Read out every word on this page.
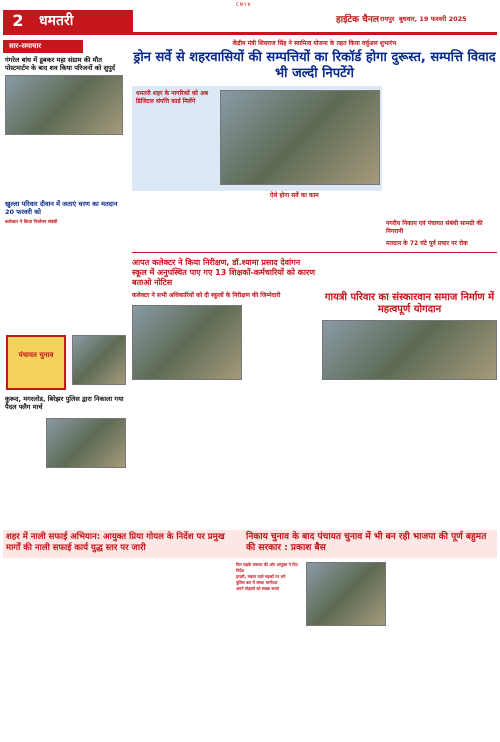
CMYK
2	धमतरी	हाईटेक चैनल रायपुर बुधवार, 19 फरवरी 2025
सार-समाचार
गंगरेल बांध में डूबकर महा संग्राम की मौत पोस्टमार्टम के बाद शव किया परिजनों को सुपुर्द
खुल्ला परिवार दीवान में जताएं चरण का मतदान 20 फरवरी को
कलेक्टर ने किया निर्वाचन संबंधी
पंचायत चुनाव
कुरूद, मगरलोड, बिरेझर पुलिस द्वारा निकाला गया पैदल फ्लैग मार्च
केंद्रीय मंत्री शिवराज सिंह ने स्वामित्व योजना के तहत किया वर्चुअल शुभारंभ
ड्रोन सर्वे से शहरवासियों की सम्पत्तियों का रिकॉर्ड होगा दुरूस्त, सम्पत्ति विवाद भी जल्दी निपटेंगे
धमतरी शहर के नागरिकों को अब डिजिटल संपत्ति कार्ड मिलेंगे
ऐसे होगा सर्वे का काम
आपत कलेक्टर ने किया निरीक्षण, डॉ.श्यामा प्रसाद देवांगन स्कूल में अनुपस्थित पाए गए 13 शिक्षकों-कर्मचारियों को कारण बताओ नोटिस
कलेक्टर ने सभी अधिकारियों को दी स्कूलों के निरीक्षण की जिम्मेदारी	गायत्री परिवार का संस्कारवान समाज निर्माण में महत्वपूर्ण योगदान
नगरीय निकाय एवं पंचायत संबंधी सामग्री की निगरानी
मतदान के 72 घंटे पूर्व प्रचार पर रोक
शहर में नाली सफाई अभियान: आयुक्त प्रिया गोयल के निर्देश पर प्रमुख मार्गों की नाली सफाई कार्य युद्ध स्तर पर जारी
निकाय चुनाव के बाद पंचायत चुनाव में भी बन रही भाजपा की पूर्ण बहुमत की सरकार : प्रकाश बैस
फिर सड़कें जरूरत की ओर आयुक्त ने दिए निर्देश
हराली, मकान वाले सड़कों पर लगे
पुलिस बल में संस्था भागीदार
अपने मोहल्ले को स्वच्छ बनाएं
